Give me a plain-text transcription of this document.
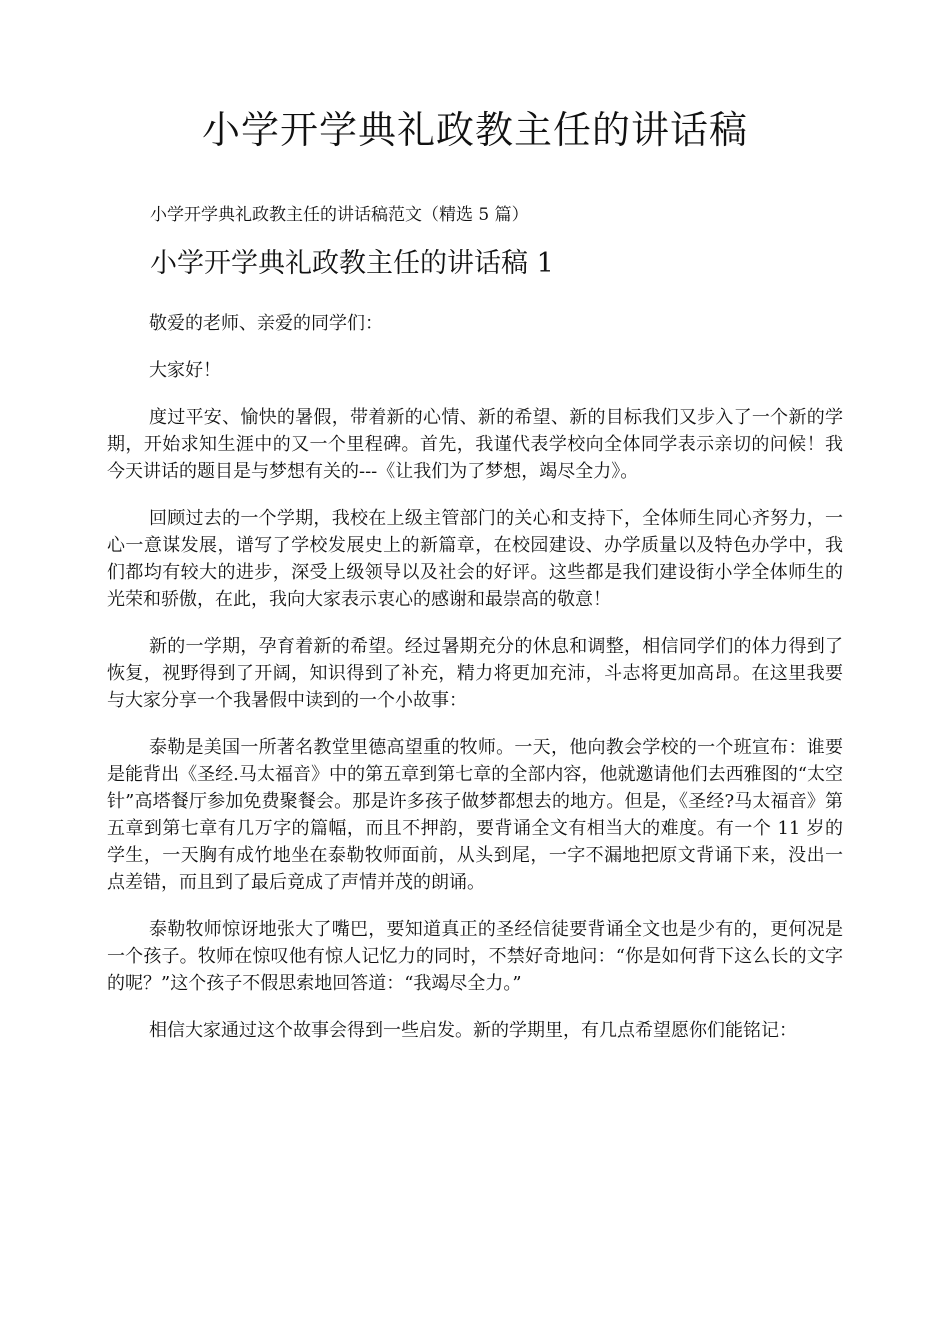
小学开学典礼政教主任的讲话稿

小学开学典礼政教主任的讲话稿范文（精选 5 篇）

小学开学典礼政教主任的讲话稿 1

敬爱的老师、亲爱的同学们：

大家好！

度过平安、愉快的暑假，带着新的心情、新的希望、新的目标我们又步入了一个新的学期，开始求知生涯中的又一个里程碑。首先，我谨代表学校向全体同学表示亲切的问候！我今天讲话的题目是与梦想有关的---《让我们为了梦想，竭尽全力》。

回顾过去的一个学期，我校在上级主管部门的关心和支持下，全体师生同心齐努力，一心一意谋发展，谱写了学校发展史上的新篇章，在校园建设、办学质量以及特色办学中，我们都均有较大的进步，深受上级领导以及社会的好评。这些都是我们建设街小学全体师生的光荣和骄傲，在此，我向大家表示衷心的感谢和最崇高的敬意！

新的一学期，孕育着新的希望。经过暑期充分的休息和调整，相信同学们的体力得到了恢复，视野得到了开阔，知识得到了补充，精力将更加充沛，斗志将更加高昂。在这里我要与大家分享一个我暑假中读到的一个小故事：

泰勒是美国一所著名教堂里德高望重的牧师。一天，他向教会学校的一个班宣布：谁要是能背出《圣经.马太福音》中的第五章到第七章的全部内容，他就邀请他们去西雅图的“太空针”高塔餐厅参加免费聚餐会。那是许多孩子做梦都想去的地方。但是，《圣经?马太福音》第五章到第七章有几万字的篇幅，而且不押韵，要背诵全文有相当大的难度。有一个 11 岁的学生，一天胸有成竹地坐在泰勒牧师面前，从头到尾，一字不漏地把原文背诵下来，没出一点差错，而且到了最后竟成了声情并茂的朗诵。

泰勒牧师惊讶地张大了嘴巴，要知道真正的圣经信徒要背诵全文也是少有的，更何况是一个孩子。牧师在惊叹他有惊人记忆力的同时，不禁好奇地问：“你是如何背下这么长的文字的呢？”这个孩子不假思索地回答道：“我竭尽全力。”

相信大家通过这个故事会得到一些启发。新的学期里，有几点希望愿你们能铭记：
